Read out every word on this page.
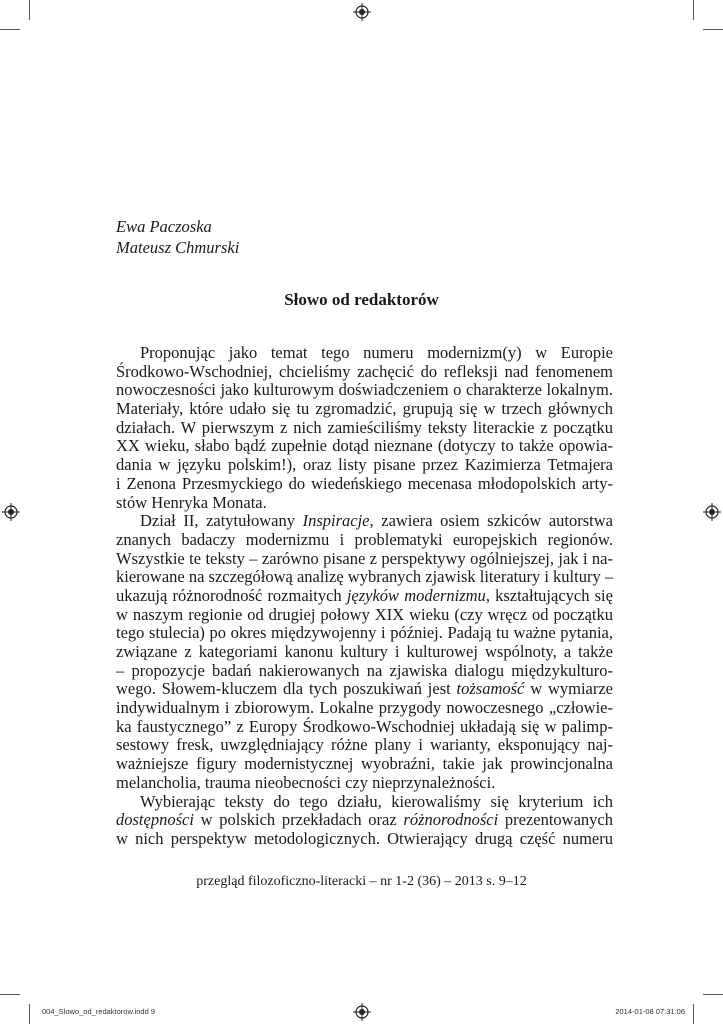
Ewa Paczoska
Mateusz Chmurski
Słowo od redaktorów
Proponując jako temat tego numeru modernizm(y) w Europie
Środkowo-Wschodniej, chcieliśmy zachęcić do refleksji nad fenomenem
nowoczesności jako kulturowym doświadczeniem o charakterze lokalnym.
Materiały, które udało się tu zgromadzić, grupują się w trzech głównych
działach. W pierwszym z nich zamieściliśmy teksty literackie z początku
XX wieku, słabo bądź zupełnie dotąd nieznane (dotyczy to także opowia-
dania w języku polskim!), oraz listy pisane przez Kazimierza Tetmajera
i Zenona Przesmyckiego do wiedeńskiego mecenasa młodopolskich arty-
stów Henryka Monata.
Dział II, zatytułowany Inspiracje, zawiera osiem szkiców autorstwa
znanych badaczy modernizmu i problematyki europejskich regionów.
Wszystkie te teksty – zarówno pisane z perspektywy ogólniejszej, jak i na-
kierowane na szczegółową analizę wybranych zjawisk literatury i kultury –
ukazują różnorodność rozmaitych języków modernizmu, kształtujących się
w naszym regionie od drugiej połowy XIX wieku (czy wręcz od początku
tego stulecia) po okres międzywojenny i później. Padają tu ważne pytania,
związane z kategoriami kanonu kultury i kulturowej wspólnoty, a także
– propozycje badań nakierowanych na zjawiska dialogu międzykulturo-
wego. Słowem-kluczem dla tych poszukiwań jest tożsamość w wymiarze
indywidualnym i zbiorowym. Lokalne przygody nowoczesnego „człowie-
ka faustycznego” z Europy Środkowo-Wschodniej układają się w palimp-
sestowy fresk, uwzględniający różne plany i warianty, eksponujący naj-
ważniejsze figury modernistycznej wyobraźni, takie jak prowincjonalna
melancholia, trauma nieobecności czy nieprzynależności.
Wybierając teksty do tego działu, kierowaliśmy się kryterium ich
dostępności w polskich przekładach oraz różnorodności prezentowanych
w nich perspektyw metodologicznych. Otwierający drugą część numeru
przegląd filozoficzno-literacki – nr 1-2 (36) – 2013 s. 9–12
004_Slowo_od_redaktorow.indd 9	2014-01-08 07:31:06
